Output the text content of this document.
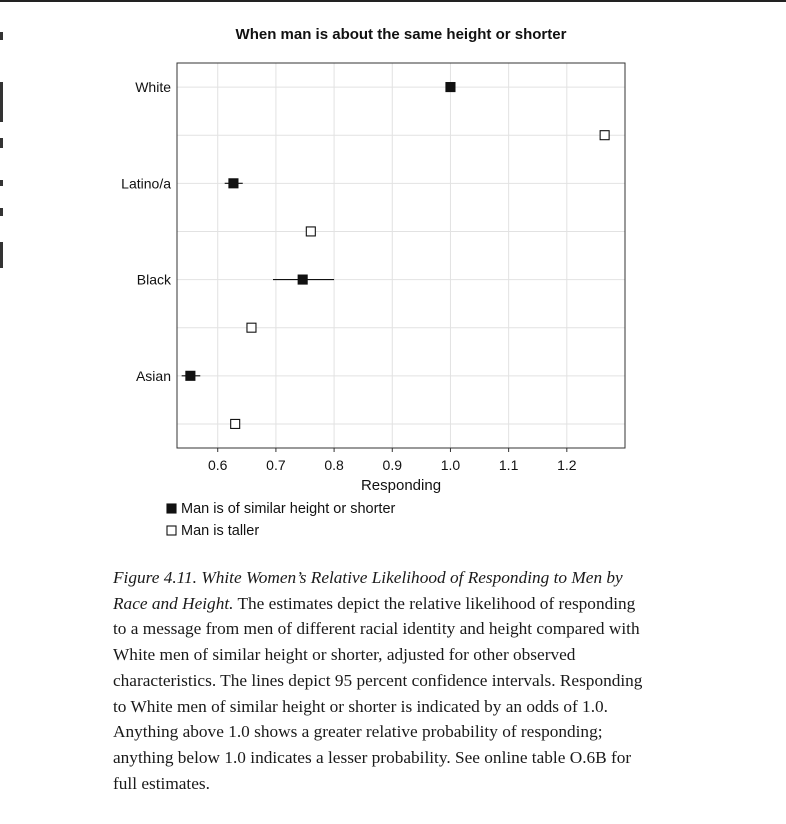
When man is about the same height or shorter
White
Latino/a
Black
Asian
0.6	0.7	0.8	0.9	1.0	1.1	1.2
Responding
Man is of similar height or shorter
Man is taller
Figure 4.11. White Women’s Relative Likelihood of Responding to Men by Race and Height. The estimates depict the relative likelihood of responding to a message from men of different racial identity and height compared with White men of similar height or shorter, adjusted for other observed characteristics. The lines depict 95 percent confidence intervals. Responding to White men of similar height or shorter is indicated by an odds of 1.0. Anything above 1.0 shows a greater relative probability of responding; anything below 1.0 indicates a lesser probability. See online table O.6B for full estimates.
